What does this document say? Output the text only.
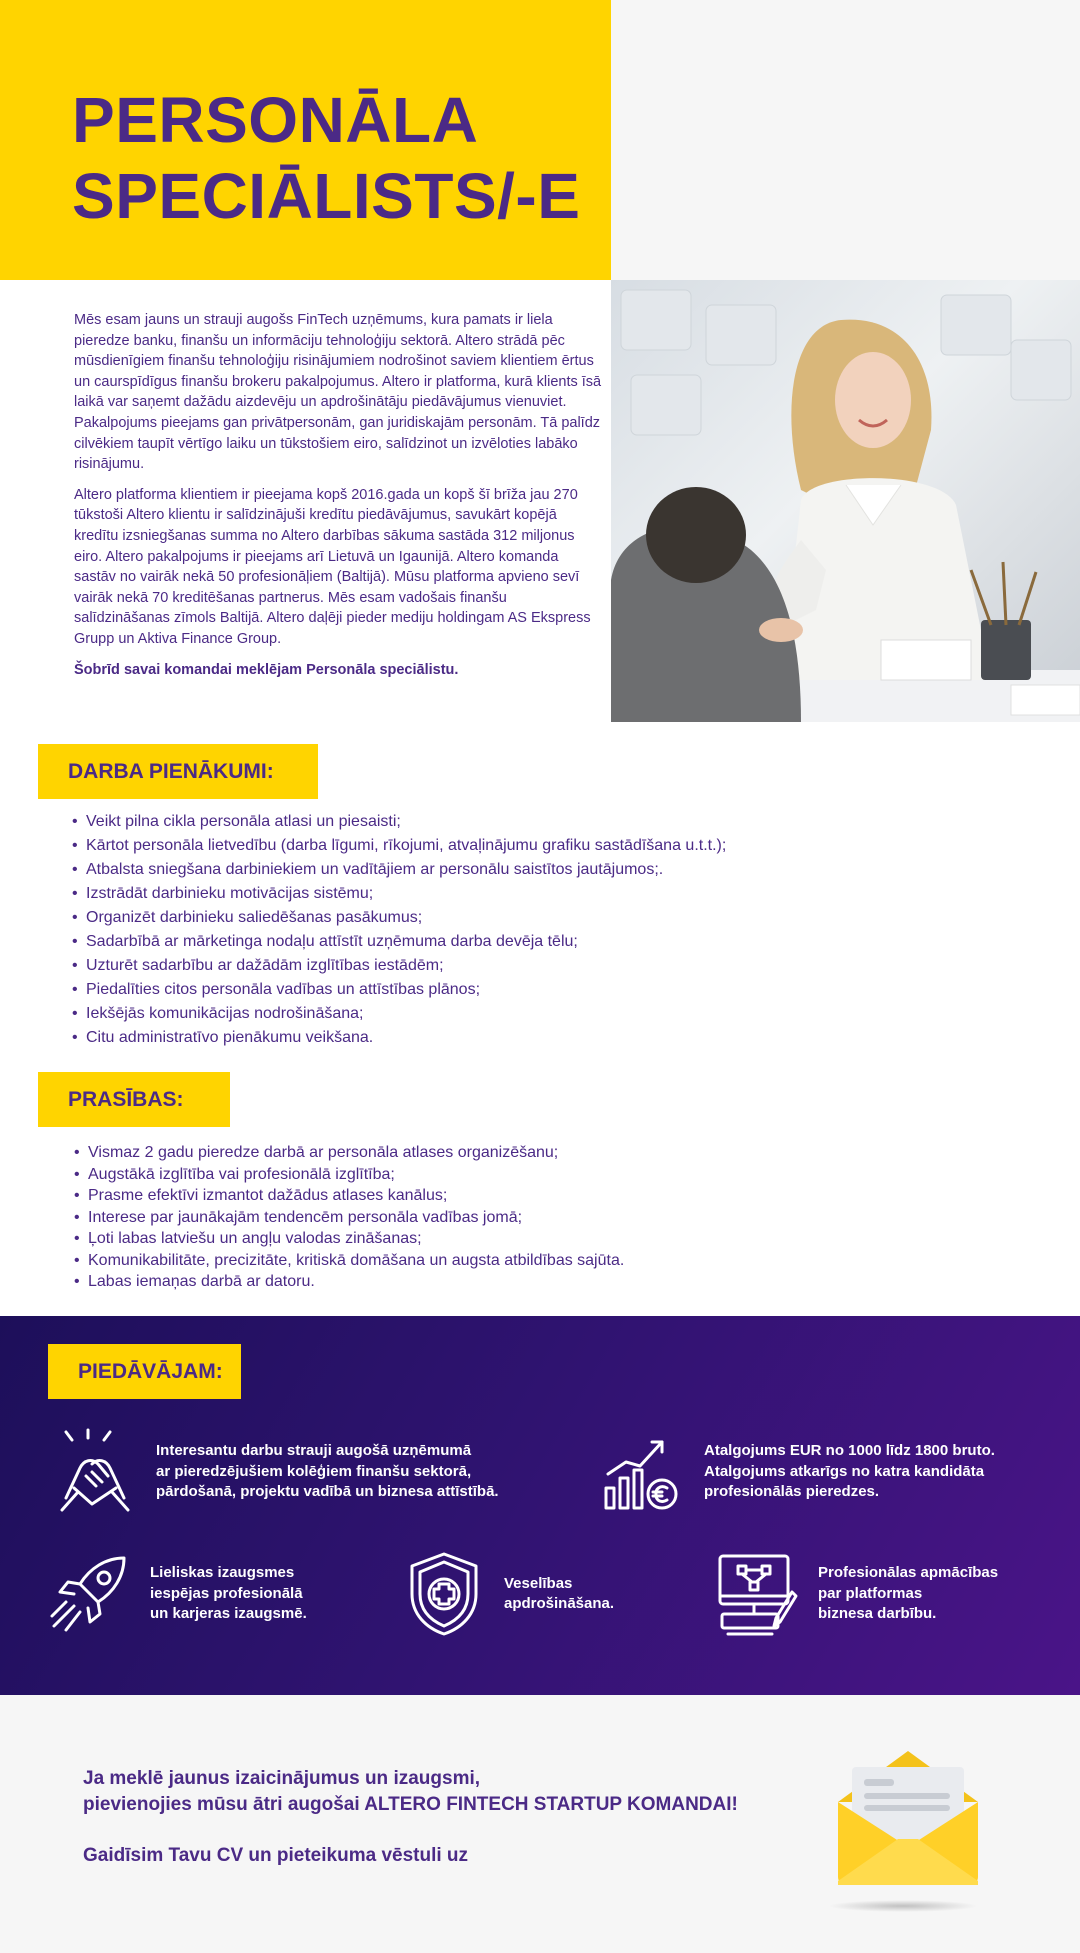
PERSONĀLA
SPECIĀLISTS/-E

Mēs esam jauns un strauji augošs FinTech uzņēmums, kura pamats ir liela pieredze banku, finanšu un informāciju tehnoloģiju sektorā. Altero strādā pēc mūsdienīgiem finanšu tehnoloģiju risinājumiem nodrošinot saviem klientiem ērtus un caurspīdīgus finanšu brokeru pakalpojumus. Altero ir platforma, kurā klients īsā laikā var saņemt dažādu aizdevēju un apdrošinātāju piedāvājumus vienuviet. Pakalpojums pieejams gan privātpersonām, gan juridiskajām personām. Tā palīdz cilvēkiem taupīt vērtīgo laiku un tūkstošiem eiro, salīdzinot un izvēloties labāko risinājumu.

Altero platforma klientiem ir pieejama kopš 2016.gada un kopš šī brīža jau 270 tūkstoši Altero klientu ir salīdzinājuši kredītu piedāvājumus, savukārt kopējā kredītu izsniegšanas summa no Altero darbības sākuma sastāda 312 miljonus eiro. Altero pakalpojums ir pieejams arī Lietuvā un Igaunijā. Altero komanda sastāv no vairāk nekā 50 profesionāļiem (Baltijā). Mūsu platforma apvieno sevī vairāk nekā 70 kreditēšanas partnerus. Mēs esam vadošais finanšu salīdzināšanas zīmols Baltijā. Altero daļēji pieder mediju holdingam AS Ekspress Grupp un Aktiva Finance Group.

Šobrīd savai komandai meklējam Personāla speciālistu.

DARBA PIENĀKUMI:
• Veikt pilna cikla personāla atlasi un piesaisti;
• Kārtot personāla lietvedību (darba līgumi, rīkojumi, atvaļinājumu grafiku sastādīšana u.t.t.);
• Atbalsta sniegšana darbiniekiem un vadītājiem ar personālu saistītos jautājumos;.
• Izstrādāt darbinieku motivācijas sistēmu;
• Organizēt darbinieku saliedēšanas pasākumus;
• Sadarbībā ar mārketinga nodaļu attīstīt uzņēmuma darba devēja tēlu;
• Uzturēt sadarbību ar dažādām izglītības iestādēm;
• Piedalīties citos personāla vadības un attīstības plānos;
• Iekšējās komunikācijas nodrošināšana;
• Citu administratīvo pienākumu veikšana.
PRASĪBAS:
• Vismaz 2 gadu pieredze darbā ar personāla atlases organizēšanu;
• Augstākā izglītība vai profesionālā izglītība;
• Prasme efektīvi izmantot dažādus atlases kanālus;
• Interese par jaunākajām tendencēm personāla vadības jomā;
• Ļoti labas latviešu un angļu valodas zināšanas;
• Komunikabilitāte, precizitāte, kritiskā domāšana un augsta atbildības sajūta.
• Labas iemaņas darbā ar datoru.
PIEDĀVĀJAM:
Interesantu darbu strauji augošā uzņēmumā
ar pieredzējušiem kolēģiem finanšu sektorā,
pārdošanā, projektu vadībā un biznesa attīstībā.
Atalgojums EUR no 1000 līdz 1800 bruto.
Atalgojums atkarīgs no katra kandidāta
profesionālās pieredzes.
Lieliskas izaugsmes
iespējas profesionālā
un karjeras izaugsmē.
Veselības
apdrošināšana.
Profesionālas apmācības
par platformas
biznesa darbību.
Ja meklē jaunus izaicinājumus un izaugsmi,
pievienojies mūsu ātri augošai ALTERO FINTECH STARTUP KOMANDAI!
Gaidīsim Tavu CV un pieteikuma vēstuli uz
